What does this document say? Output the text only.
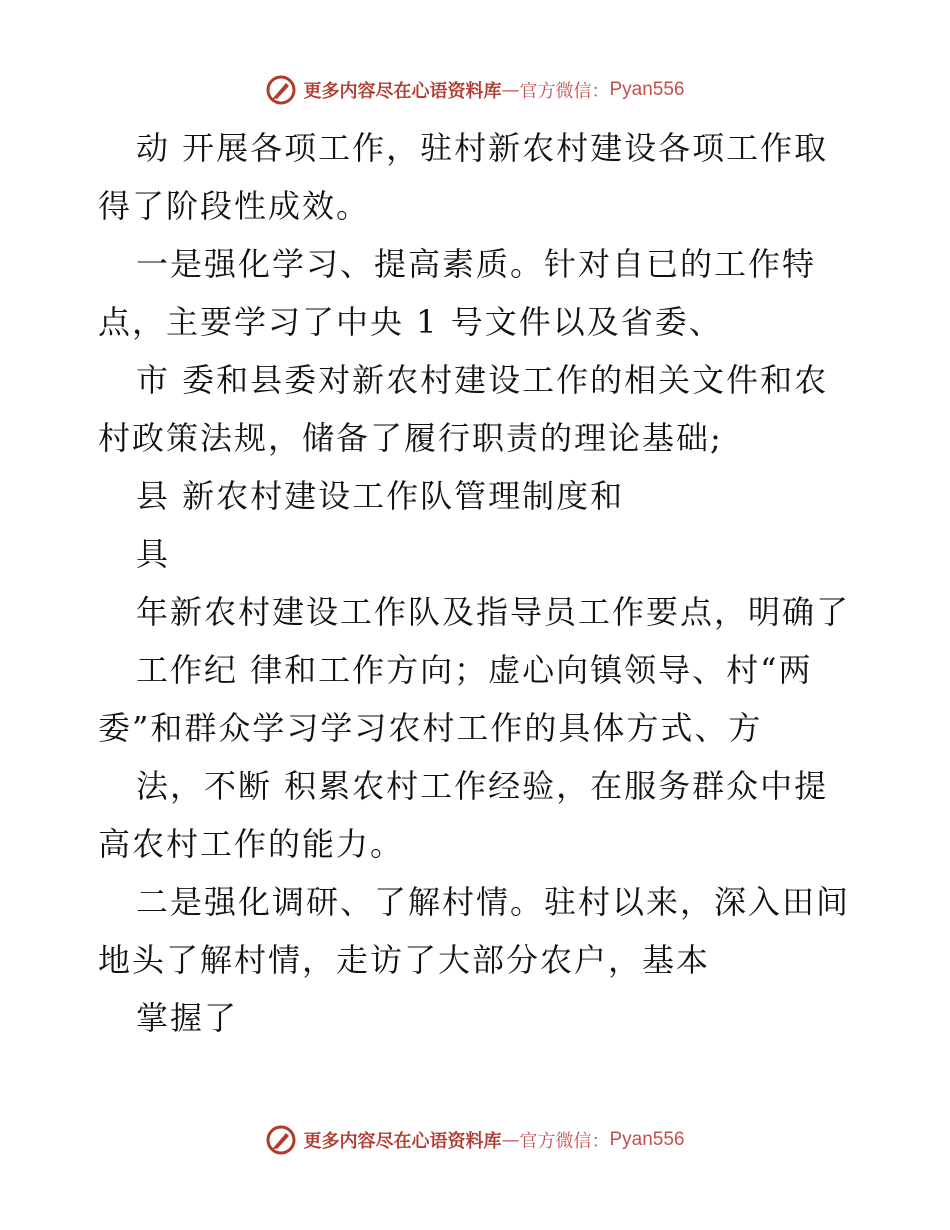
更多内容尽在心语资料库 — 官方微信： Pyan556
动 开展各项工作，驻村新农村建设各项工作取
得了阶段性成效。
一是强化学习、提高素质。针对自已的工作特
点，主要学习了中央 1 号文件以及省委、
市 委和县委对新农村建设工作的相关文件和农
村政策法规，储备了履行职责的理论基础;
县 新农村建设工作队管理制度和
具
年新农村建设工作队及指导员工作要点，明确了
工作纪 律和工作方向；虚心向镇领导、村“两
委”和群众学习学习农村工作的具体方式、方
法，不断 积累农村工作经验，在服务群众中提
高农村工作的能力。
二是强化调研、了解村情。驻村以来，深入田间
地头了解村情，走访了大部分农户，基本
掌握了
更多内容尽在心语资料库 — 官方微信： Pyan556
